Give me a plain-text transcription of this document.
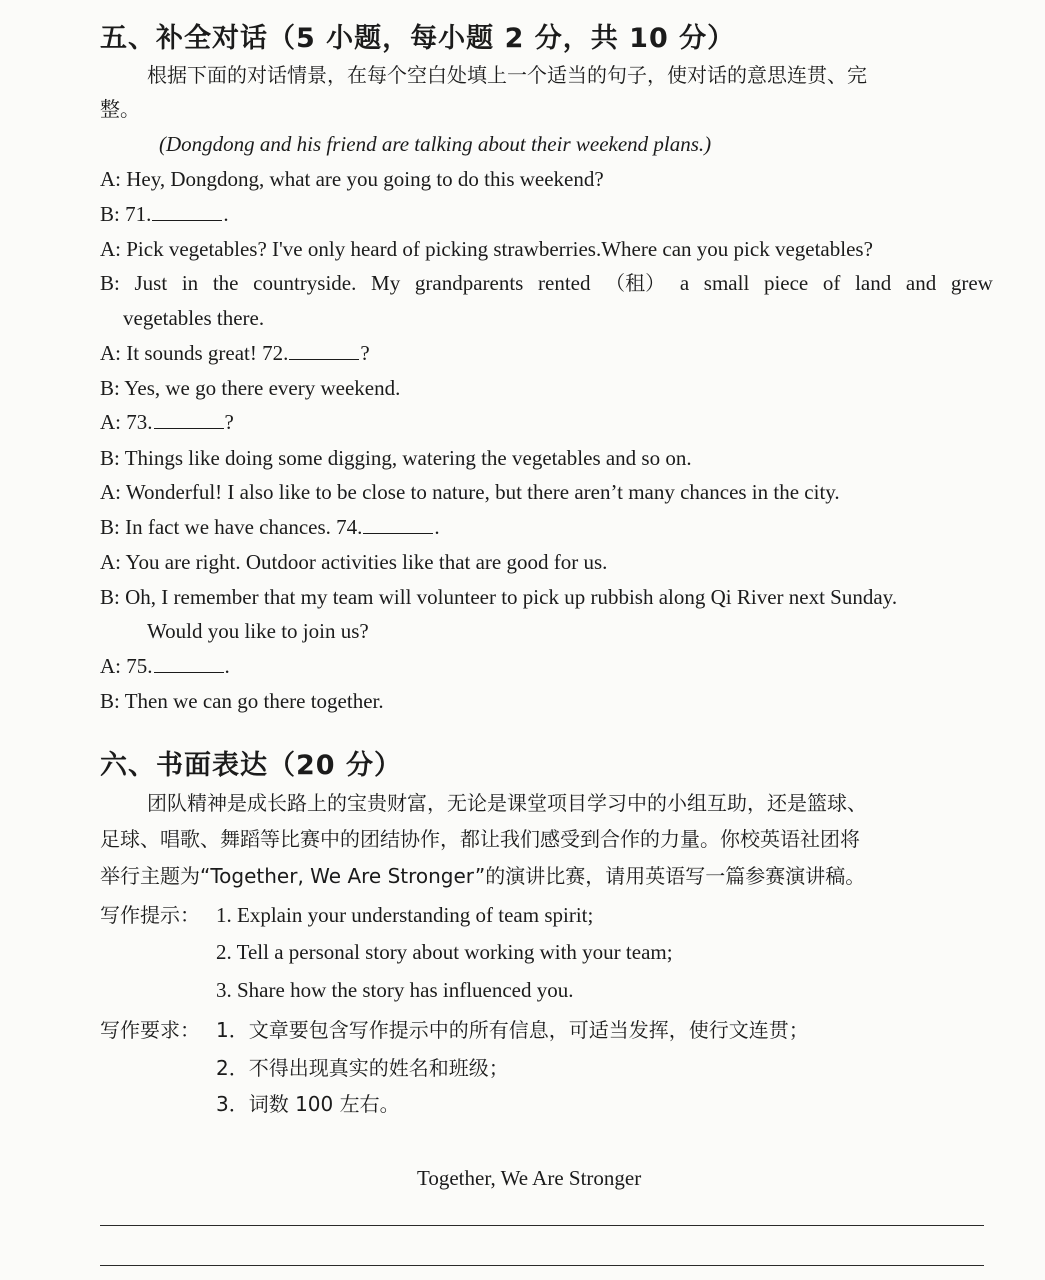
五、补全对话（5 小题，每小题 2 分，共 10 分）
根据下面的对话情景，在每个空白处填上一个适当的句子，使对话的意思连贯、完
整。
(Dongdong and his friend are talking about their weekend plans.)
A: Hey, Dongdong, what are you going to do this weekend?
B: 71.	.
A: Pick vegetables? I've only heard of picking strawberries.Where can you pick vegetables?
B: Just in the countryside. My grandparents rented （租） a small piece of land and grew
vegetables there.
A: It sounds great! 72.	?
B: Yes, we go there every weekend.
A: 73.	?
B: Things like doing some digging, watering the vegetables and so on.
A: Wonderful! I also like to be close to nature, but there aren’t many chances in the city.
B: In fact we have chances. 74.	.
A: You are right. Outdoor activities like that are good for us.
B: Oh, I remember that my team will volunteer to pick up rubbish along Qi River next Sunday.
Would you like to join us?
A: 75.	.
B: Then we can go there together.
六、书面表达（20 分）
团队精神是成长路上的宝贵财富，无论是课堂项目学习中的小组互助，还是篮球、
足球、唱歌、舞蹈等比赛中的团结协作，都让我们感受到合作的力量。你校英语社团将
举行主题为“Together, We Are Stronger”的演讲比赛，请用英语写一篇参赛演讲稿。
写作提示： 1. Explain your understanding of team spirit;
2. Tell a personal story about working with your team;
3. Share how the story has influenced you.
写作要求： 1．文章要包含写作提示中的所有信息，可适当发挥，使行文连贯；
2．不得出现真实的姓名和班级；
3．词数 100 左右。
Together, We Are Stronger
